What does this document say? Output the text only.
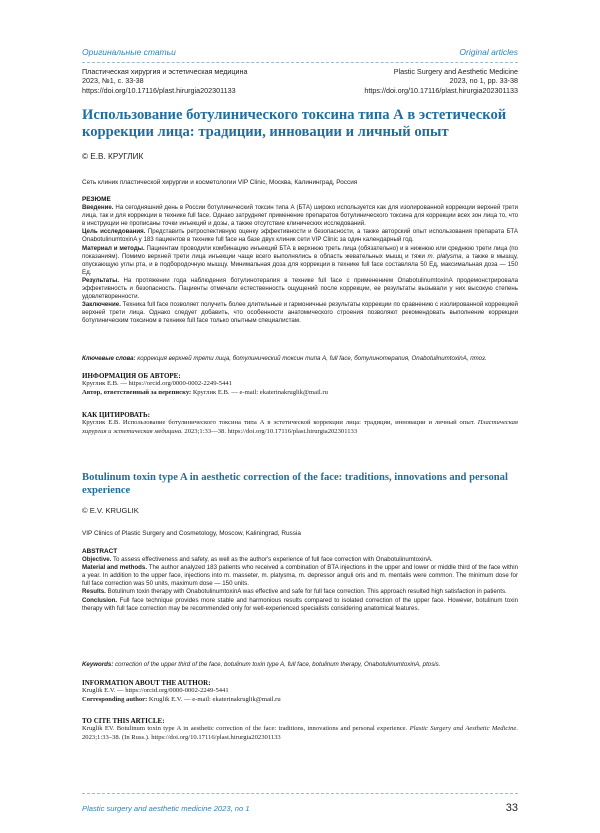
Оригинальные статьи	Original articles
Пластическая хирургия и эстетическая медицина
2023, №1, с. 33-38
https://doi.org/10.17116/plast.hirurgia202301133
Plastic Surgery and Aesthetic Medicine
2023, no 1, pp. 33-38
https://doi.org/10.17116/plast.hirurgia202301133
Использование ботулинического токсина типа А в эстетической коррекции лица: традиции, инновации и личный опыт
© Е.В. КРУГЛИК
Сеть клиник пластической хирургии и косметологии VIP Clinic, Москва, Калининград, Россия
РЕЗЮМЕ

Введение. На сегодняшний день в России ботулинический токсин типа А (БТА) широко используется как для изолированной коррекции верхней трети лица, так и для коррекции в технике full face. Однако затрудняет применение препаратов ботулинического токсина для коррекции всех зон лица то, что в инструкции не прописаны точки инъекций и дозы, а также отсутствие клинических исследований.

Цель исследования. Представить ретроспективную оценку эффективности и безопасности, а также авторский опыт использования препарата БТА OnabotulinumtoxinA у 183 пациентов в технике full face на базе двух клиник сети VIP Clinic за один календарный год.

Материал и методы. Пациентам проводили комбинацию инъекций БТА в верхнюю треть лица (обязательно) и в нижнюю или среднюю трети лица (по показаниям). Помимо верхней трети лица инъекции чаще всего выполнялись в область жевательных мышц и тяжи m. platysma, а также в мышцу, опускающую углы рта, и в подбородочную мышцу. Минимальная доза для коррекции в технике full face составляла 50 Ед, максимальная доза — 150 Ед.

Результаты. На протяжении года наблюдения ботулинотерапия в технике full face с применением OnabotulinumtoxinA продемонстрировала эффективность и безопасность. Пациенты отмечали естественность ощущений после коррекции, ее результаты вызывали у них высокую степень удовлетворенности.

Заключение. Техника full face позволяет получить более длительные и гармоничные результаты коррекции по сравнению с изолированной коррекцией верхней трети лица. Однако следует добавить, что особенности анатомического строения позволяют рекомендовать выполнение коррекции ботулиническим токсином в технике full face только опытным специалистам.

Ключевые слова: коррекция верхней трети лица, ботулинический токсин типа А, full face, ботулинотерапия, OnabotulinumtoxinA, птоз.
ИНФОРМАЦИЯ ОБ АВТОРЕ:
Круглик Е.В. — https://orcid.org/0000-0002-2249-5441
Автор, ответственный за переписку: Круглик Е.В. — e-mail: ekaterinakruglik@mail.ru
КАК ЦИТИРОВАТЬ:

Круглик Е.В. Использование ботулинического токсина типа А в эстетической коррекции лица: традиции, инновации и личный опыт. Пластическая хирургия и эстетическая медицина. 2023;1:33—38. https://doi.org/10.17116/plast.hirurgia202301133

Botulinum toxin type A in aesthetic correction of the face: traditions, innovations and personal experience
© E.V. KRUGLIK
VIP Clinics of Plastic Surgery and Cosmetology, Moscow, Kaliningrad, Russia
ABSTRACT

Objective. To assess effectiveness and safety, as well as the author's experience of full face correction with OnabotulinumtoxinA.

Material and methods. The author analyzed 183 patients who received a combination of BTA injections in the upper and lower or middle third of the face within a year. In addition to the upper face, injections into m. masseter, m. platysma, m. depressor anguli oris and m. mentalis were common. The minimum dose for full face correction was 50 units, maximum dose — 150 units.

Results. Botulinum toxin therapy with OnabotulinumtoxinA was effective and safe for full face correction. This approach resulted high satisfaction in patients.

Conclusion. Full face technique provides more stable and harmonious results compared to isolated correction of the upper face. However, botulinum toxin therapy with full face correction may be recommended only for well-experienced specialists considering anatomical features.

Keywords: correction of the upper third of the face, botulinum toxin type A, full face, botulinum therapy, OnabotulinumtoxinA, ptosis.
INFORMATION ABOUT THE AUTHOR:
Kruglik E.V. — https://orcid.org/0000-0002-2249-5441
Corresponding author: Kruglik E.V. — e-mail: ekaterinakruglik@mail.ru
TO CITE THIS ARTICLE:

Kruglik EV. Botulinum toxin type A in aesthetic correction of the face: traditions, innovations and personal experience. Plastic Surgery and Aesthetic Medicine. 2023;1:33–38. (In Russ.). https://doi.org/10.17116/plast.hirurgia202301133

Plastic surgery and aesthetic medicine 2023, no 1	33
